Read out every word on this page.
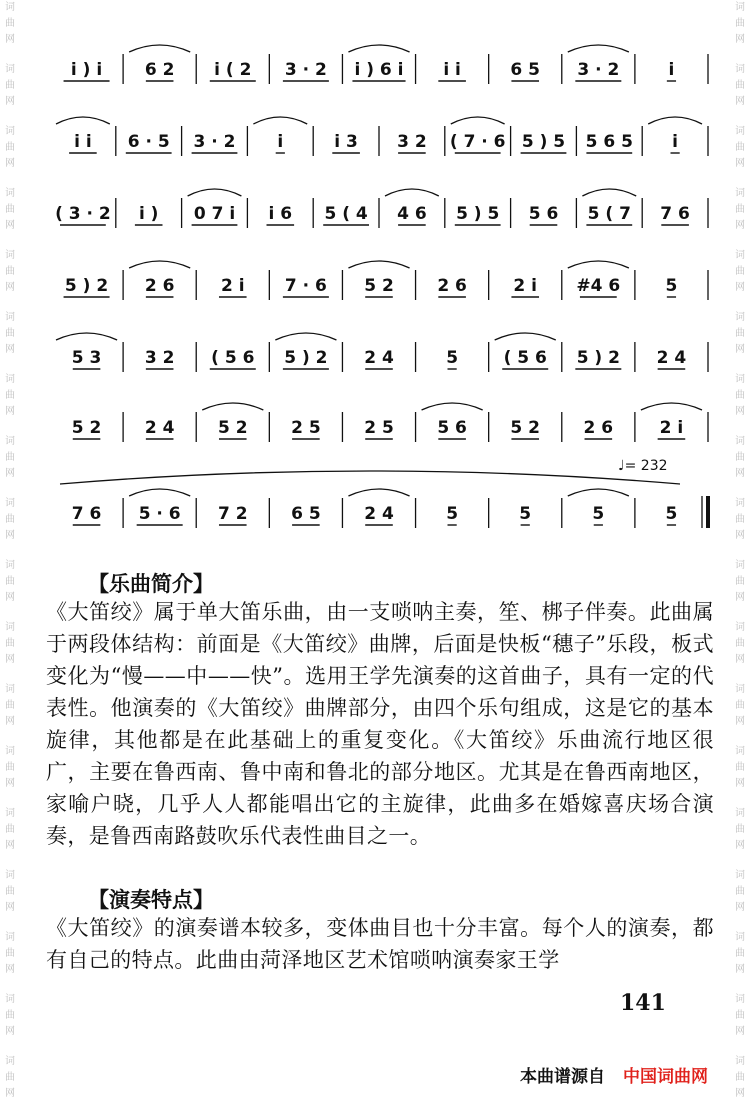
词
曲
网
词
曲
网
词
曲
网
词
曲
网
词
曲
网
词
曲
网
词
曲
网
词
曲
网
词
曲
网
词
曲
网
词
曲
网
词
曲
网
词
曲
网
词
曲
网
词
曲
网
词
曲
网
词
曲
网
词
曲
网
词
曲
网
词
曲
网
词
曲
网
词
曲
网
词
曲
网
词
曲
网
词
曲
网
词
曲
网
词
曲
网
词
曲
网
词
曲
网
词
曲
网
词
曲
网
词
曲
网
词
曲
网
词
曲
网
词
曲
网
词
曲
网
i ) i	6 2 i ( 2 3 · 2 i ) 6 i i i	6 5 3 · 2	i
i i 6 · 5 3 · 2 i	i 3 3 2 ( 7 · 6 5 ) 5 5 6 5 i
( 3 · 2 i ) 0 7 i i 6 5 ( 4 4 6 5 ) 5 5 6 5 ( 7 7 6
5 ) 2 2 6	2 i 7 · 6 5 2	2 6	2 i #4 6	5
5 3	3 2 ( 5 6 5 ) 2 2 4	5	( 5 6 5 ) 2 2 4
5 2	2 4	5 2	2 5	2 5	5 6	5 2	2 6	2 i
7 6 5 · 6 7 2	6 5	2 4	5	5	5	5
♩= 232
【乐曲简介】
《大笛绞》属于单大笛乐曲，由一支唢呐主奏，笙、梆子伴奏。此曲属于两段体结构：前面是《大笛绞》曲牌，后面是快板“穗子”乐段，板式变化为“慢——中——快”。选用王学先演奏的这首曲子，具有一定的代表性。他演奏的《大笛绞》曲牌部分，由四个乐句组成，这是它的基本旋律，其他都是在此基础上的重复变化。《大笛绞》乐曲流行地区很广，主要在鲁西南、鲁中南和鲁北的部分地区。尤其是在鲁西南地区，家喻户晓，几乎人人都能唱出它的主旋律，此曲多在婚嫁喜庆场合演奏，是鲁西南路鼓吹乐代表性曲目之一。
【演奏特点】
《大笛绞》的演奏谱本较多，变体曲目也十分丰富。每个人的演奏，都有自己的特点。此曲由菏泽地区艺术馆唢呐演奏家王学
141
本曲谱源自 中国词曲网
